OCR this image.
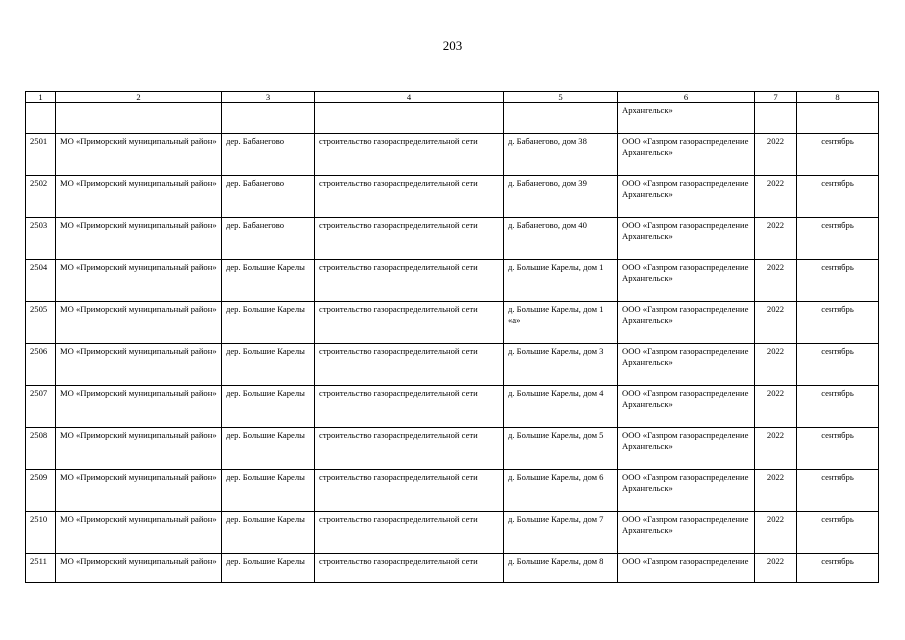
203
1	2	3	4	5	6	7	8
					Архангельск»		
2501	МО «Приморский муниципальный район»	дер. Бабанегово	строительство газораспределительной сети	д. Бабанегово, дом 38	ООО «Газпром газораспределение Архангельск»	2022	сентябрь
2502	МО «Приморский муниципальный район»	дер. Бабанегово	строительство газораспределительной сети	д. Бабанегово, дом 39	ООО «Газпром газораспределение Архангельск»	2022	сентябрь
2503	МО «Приморский муниципальный район»	дер. Бабанегово	строительство газораспределительной сети	д. Бабанегово, дом 40	ООО «Газпром газораспределение Архангельск»	2022	сентябрь
2504	МО «Приморский муниципальный район»	дер. Большие Карелы	строительство газораспределительной сети	д. Большие Карелы, дом 1	ООО «Газпром газораспределение Архангельск»	2022	сентябрь
2505	МО «Приморский муниципальный район»	дер. Большие Карелы	строительство газораспределительной сети	д. Большие Карелы, дом 1 «а»	ООО «Газпром газораспределение Архангельск»	2022	сентябрь
2506	МО «Приморский муниципальный район»	дер. Большие Карелы	строительство газораспределительной сети	д. Большие Карелы, дом 3	ООО «Газпром газораспределение Архангельск»	2022	сентябрь
2507	МО «Приморский муниципальный район»	дер. Большие Карелы	строительство газораспределительной сети	д. Большие Карелы, дом 4	ООО «Газпром газораспределение Архангельск»	2022	сентябрь
2508	МО «Приморский муниципальный район»	дер. Большие Карелы	строительство газораспределительной сети	д. Большие Карелы, дом 5	ООО «Газпром газораспределение Архангельск»	2022	сентябрь
2509	МО «Приморский муниципальный район»	дер. Большие Карелы	строительство газораспределительной сети	д. Большие Карелы, дом 6	ООО «Газпром газораспределение Архангельск»	2022	сентябрь
2510	МО «Приморский муниципальный район»	дер. Большие Карелы	строительство газораспределительной сети	д. Большие Карелы, дом 7	ООО «Газпром газораспределение Архангельск»	2022	сентябрь
2511	МО «Приморский муниципальный район»	дер. Большие Карелы	строительство газораспределительной сети	д. Большие Карелы, дом 8	ООО «Газпром газораспределение	2022	сентябрь
